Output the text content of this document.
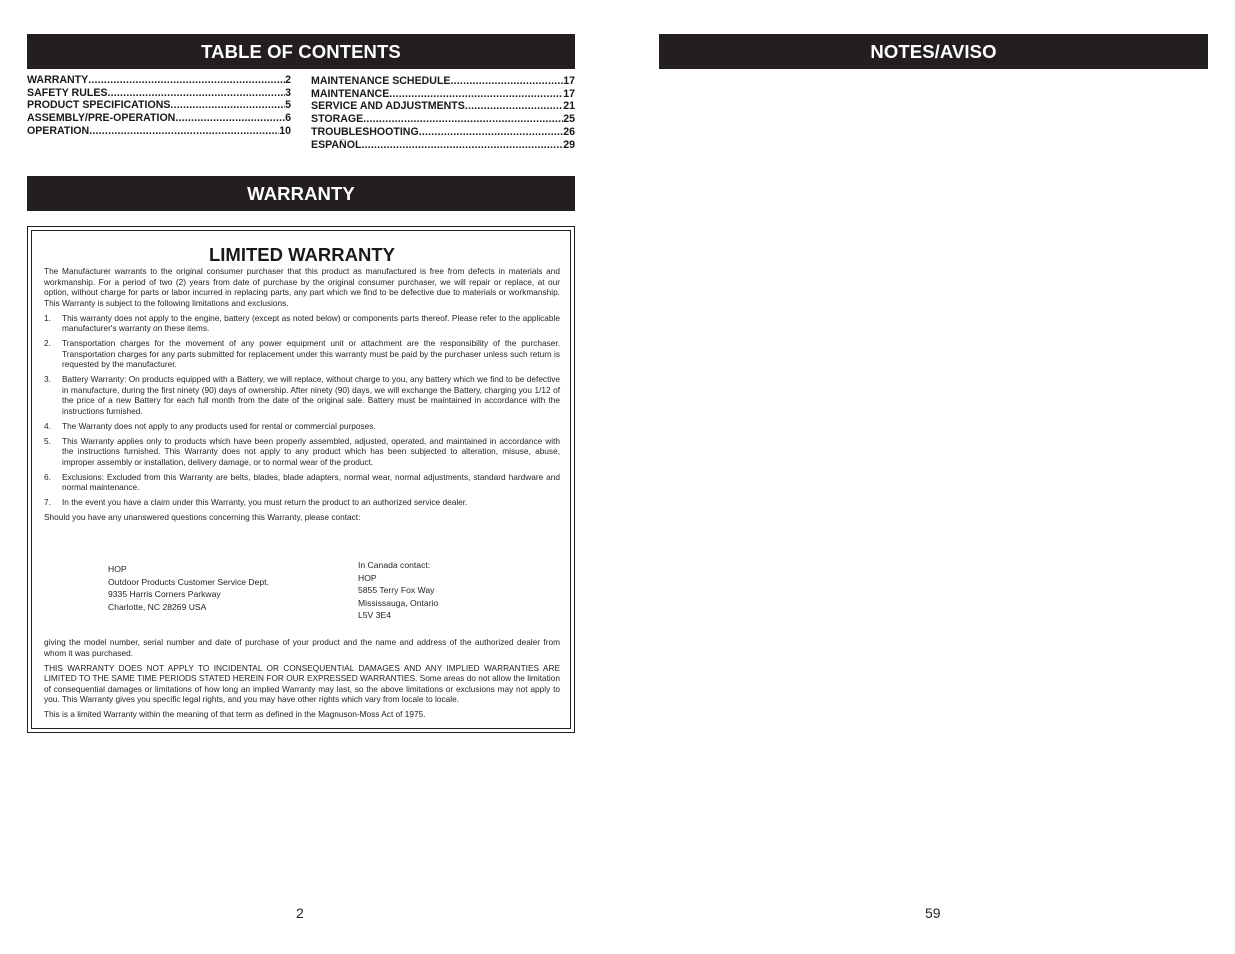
TABLE OF CONTENTS
WARRANTY .....	2
SAFETY RULES .....	3
PRODUCT SPECIFICATIONS .....	5
ASSEMBLY/PRE-OPERATION .....	6
OPERATION .....	10
MAINTENANCE SCHEDULE .....	17
MAINTENANCE .....	17
SERVICE AND ADJUSTMENTS .....	21
STORAGE .....	25
TROUBLESHOOTING .....	26
ESPAÑOL .....	29
WARRANTY
LIMITED WARRANTY

The Manufacturer warrants to the original consumer purchaser that this product as manufactured is free from defects in materials and workmanship. For a period of two (2) years from date of purchase by the original consumer purchaser, we will repair or replace, at our option, without charge for parts or labor incurred in replacing parts, any part which we find to be defective due to materials or workmanship. This Warranty is subject to the following limitations and exclusions.

1.	This warranty does not apply to the engine, battery (except as noted below) or components parts thereof. Please refer to the applicable manufacturer's warranty on these items.
2.	Transportation charges for the movement of any power equipment unit or attachment are the responsibility of the purchaser. Transportation charges for any parts submitted for replacement under this warranty must be paid by the purchaser unless such return is requested by the manufacturer.
3.	Battery Warranty: On products equipped with a Battery, we will replace, without charge to you, any battery which we find to be defective in manufacture, during the first ninety (90) days of ownership. After ninety (90) days, we will exchange the Battery, charging you 1/12 of the price of a new Battery for each full month from the date of the original sale. Battery must be maintained in accordance with the instructions furnished.
4.	The Warranty does not apply to any products used for rental or commercial purposes.
5.	This Warranty applies only to products which have been properly assembled, adjusted, operated, and maintained in accordance with the instructions furnished. This Warranty does not apply to any product which has been subjected to alteration, misuse, abuse, improper assembly or installation, delivery damage, or to normal wear of the product.
6.	Exclusions: Excluded from this Warranty are belts, blades, blade adapters, normal wear, normal adjustments, standard hardware and normal maintenance.
7.	In the event you have a claim under this Warranty, you must return the product to an authorized service dealer.

Should you have any unanswered questions concerning this Warranty, please contact:

HOP
Outdoor Products Customer Service Dept.
9335 Harris Corners Parkway
Charlotte, NC 28269 USA
In Canada contact:
HOP
5855 Terry Fox Way
Mississauga, Ontario
L5V 3E4

giving the model number, serial number and date of purchase of your product and the name and address of the authorized dealer from whom it was purchased.

THIS WARRANTY DOES NOT APPLY TO INCIDENTAL OR CONSEQUENTIAL DAMAGES AND ANY IMPLIED WARRANTIES ARE LIMITED TO THE SAME TIME PERIODS STATED HEREIN FOR OUR EXPRESSED WARRANTIES. Some areas do not allow the limitation of consequential damages or limitations of how long an implied Warranty may last, so the above limitations or exclusions may not apply to you. This Warranty gives you specific legal rights, and you may have other rights which vary from locale to locale.

This is a limited Warranty within the meaning of that term as defined in the Magnuson-Moss Act of 1975.

2
NOTES/AVISO
59
